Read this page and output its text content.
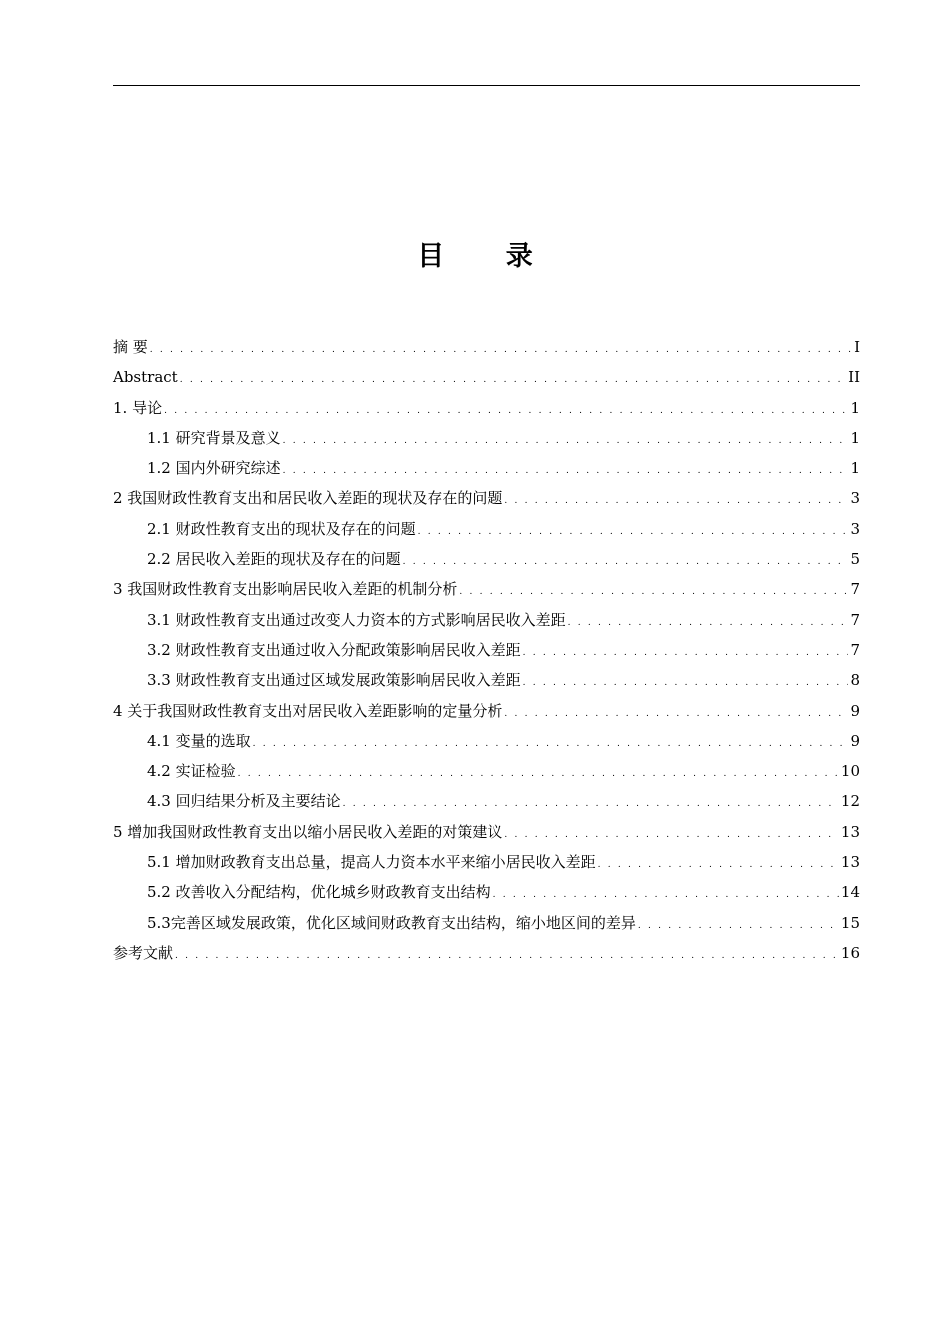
目 录
摘 要 . . .	I
Abstract . . .	II
1. 导论 . . .	1
1.1 研究背景及意义 . . .	1
1.2 国内外研究综述 . . .	1
2 我国财政性教育支出和居民收入差距的现状及存在的问题 . . .	3
2.1 财政性教育支出的现状及存在的问题 . . .	3
2.2 居民收入差距的现状及存在的问题 . . .	5
3 我国财政性教育支出影响居民收入差距的机制分析 . . .	7
3.1 财政性教育支出通过改变人力资本的方式影响居民收入差距 . . .	7
3.2 财政性教育支出通过收入分配政策影响居民收入差距 . . .	7
3.3 财政性教育支出通过区域发展政策影响居民收入差距 . . .	8
4 关于我国财政性教育支出对居民收入差距影响的定量分析 . . .	9
4.1 变量的选取 . . .	9
4.2 实证检验 . . .	10
4.3 回归结果分析及主要结论 . . .	12
5 增加我国财政性教育支出以缩小居民收入差距的对策建议 . . .	13
5.1 增加财政教育支出总量，提高人力资本水平来缩小居民收入差距 . . .	13
5.2 改善收入分配结构，优化城乡财政教育支出结构 . . .	14
5.3完善区域发展政策，优化区域间财政教育支出结构，缩小地区间的差异 . . .	15
参考文献 . . .	16
